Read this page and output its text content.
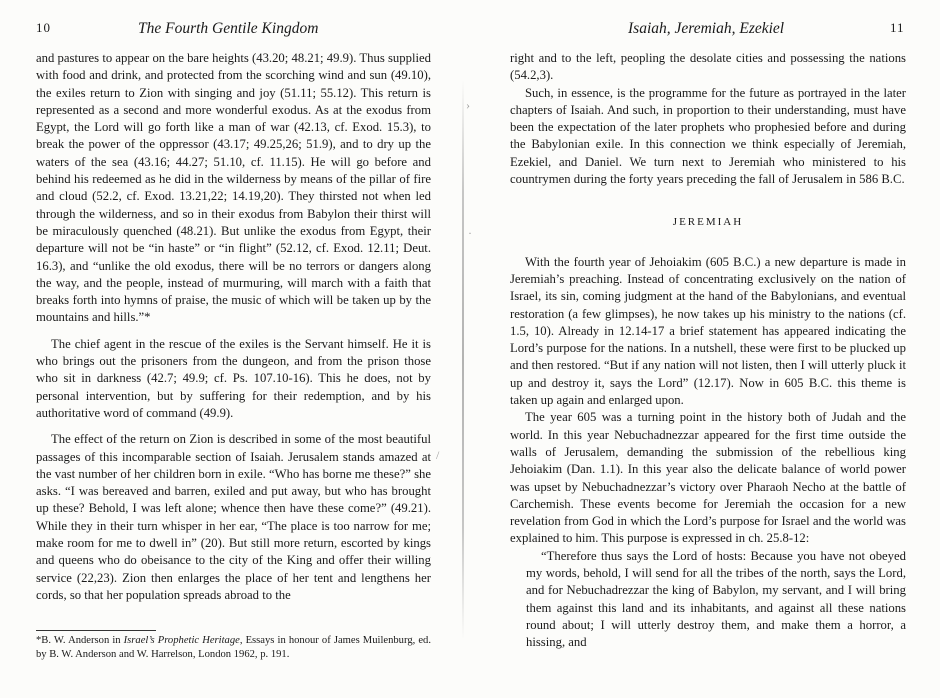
10	The Fourth Gentile Kingdom

and pastures to appear on the bare heights (43.20; 48.21; 49.9). Thus supplied with food and drink, and protected from the scorching wind and sun (49.10), the exiles return to Zion with singing and joy (51.11; 55.12). This return is represented as a second and more wonderful exodus. As at the exodus from Egypt, the Lord will go forth like a man of war (42.13, cf. Exod. 15.3), to break the power of the oppressor (43.17; 49.25,26; 51.9), and to dry up the waters of the sea (43.16; 44.27; 51.10, cf. 11.15). He will go before and behind his redeemed as he did in the wilderness by means of the pillar of fire and cloud (52.2, cf. Exod. 13.21,22; 14.19,20). They thirsted not when led through the wilderness, and so in their exodus from Babylon their thirst will be miraculously quenched (48.21). But unlike the exodus from Egypt, their departure will not be “in haste” or “in flight” (52.12, cf. Exod. 12.11; Deut. 16.3), and “unlike the old exodus, there will be no terrors or dangers along the way, and the people, instead of murmuring, will march with a faith that breaks forth into hymns of praise, the music of which will be taken up by the mountains and hills.”*

The chief agent in the rescue of the exiles is the Servant himself. He it is who brings out the prisoners from the dungeon, and from the prison those who sit in darkness (42.7; 49.9; cf. Ps. 107.10-16). This he does, not by personal intervention, but by suffering for their redemption, and by his authoritative word of command (49.9).

The effect of the return on Zion is described in some of the most beautiful passages of this incomparable section of Isaiah. Jerusalem stands amazed at the vast number of her children born in exile. “Who has borne me these?” she asks. “I was bereaved and barren, exiled and put away, but who has brought up these? Behold, I was left alone; whence then have these come?” (49.21). While they in their turn whisper in her ear, “The place is too narrow for me; make room for me to dwell in” (20). But still more return, escorted by kings and queens who do obeisance to the city of the King and offer their willing service (22,23). Zion then enlarges the place of her tent and lengthens her cords, so that her population spreads abroad to the

*B. W. Anderson in Israel’s Prophetic Heritage, Essays in honour of James Muilenburg, ed. by B. W. Anderson and W. Harrelson, London 1962, p. 191.
›
·
/
Isaiah, Jeremiah, Ezekiel	11

right and to the left, peopling the desolate cities and possessing the nations (54.2,3).

Such, in essence, is the programme for the future as portrayed in the later chapters of Isaiah. And such, in proportion to their understanding, must have been the expectation of the later prophets who prophesied before and during the Babylonian exile. In this connection we think especially of Jeremiah, Ezekiel, and Daniel. We turn next to Jeremiah who ministered to his countrymen during the forty years preceding the fall of Jerusalem in 586 B.C.

JEREMIAH

With the fourth year of Jehoiakim (605 B.C.) a new departure is made in Jeremiah’s preaching. Instead of concentrating exclusively on the nation of Israel, its sin, coming judgment at the hand of the Babylonians, and eventual restoration (a few glimpses), he now takes up his ministry to the nations (cf. 1.5, 10). Already in 12.14-17 a brief statement has appeared indicating the Lord’s purpose for the nations. In a nutshell, these were first to be plucked up and then restored. “But if any nation will not listen, then I will utterly pluck it up and destroy it, says the Lord” (12.17). Now in 605 B.C. this theme is taken up again and enlarged upon.

The year 605 was a turning point in the history both of Judah and the world. In this year Nebuchadnezzar appeared for the first time outside the walls of Jerusalem, demanding the submission of the rebellious king Jehoiakim (Dan. 1.1). In this year also the delicate balance of world power was upset by Nebuchadnezzar’s victory over Pharaoh Necho at the battle of Carchemish. These events become for Jeremiah the occasion for a new revelation from God in which the Lord’s purpose for Israel and the world was explained to him. This purpose is expressed in ch. 25.8-12:

“Therefore thus says the Lord of hosts: Because you have not obeyed my words, behold, I will send for all the tribes of the north, says the Lord, and for Nebuchadrezzar the king of Babylon, my servant, and I will bring them against this land and its inhabitants, and against all these nations round about; I will utterly destroy them, and make them a horror, a hissing, and
